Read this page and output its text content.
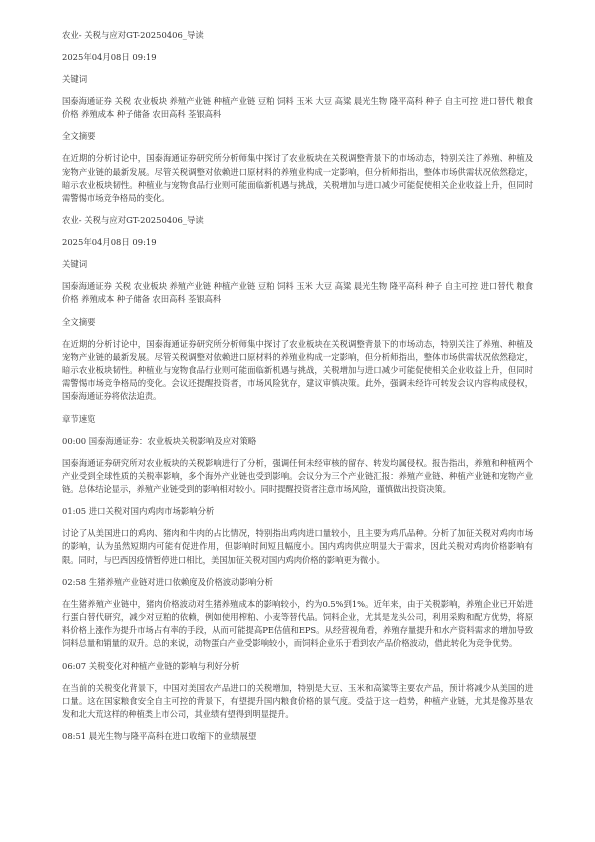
农业- 关税与应对GT-20250406_导读

2025年04月08日 09:19

关键词

国泰海通证券 关税 农业板块 养殖产业链 种植产业链 豆粕 饲料 玉米 大豆 高粱 晨光生物 隆平高科 种子 自主可控 进口替代 粮食价格 养殖成本 种子储备 农田高科 荃银高科

全文摘要

在近期的分析讨论中，国泰海通证券研究所分析师集中探讨了农业板块在关税调整背景下的市场动态，特别关注了养殖、种植及宠物产业链的最新发展。尽管关税调整对依赖进口原材料的养殖业构成一定影响，但分析师指出，整体市场供需状况依然稳定，暗示农业板块韧性。种植业与宠物食品行业则可能面临新机遇与挑战，关税增加与进口减少可能促使相关企业收益上升，但同时需警惕市场竞争格局的变化。

农业- 关税与应对GT-20250406_导读

2025年04月08日 09:19

关键词

国泰海通证券 关税 农业板块 养殖产业链 种植产业链 豆粕 饲料 玉米 大豆 高粱 晨光生物 隆平高科 种子 自主可控 进口替代 粮食价格 养殖成本 种子储备 农田高科 荃银高科

全文摘要

在近期的分析讨论中，国泰海通证券研究所分析师集中探讨了农业板块在关税调整背景下的市场动态，特别关注了养殖、种植及宠物产业链的最新发展。尽管关税调整对依赖进口原材料的养殖业构成一定影响，但分析师指出，整体市场供需状况依然稳定，暗示农业板块韧性。种植业与宠物食品行业则可能面临新机遇与挑战，关税增加与进口减少可能促使相关企业收益上升，但同时需警惕市场竞争格局的变化。会议还提醒投资者，市场风险犹存，建议审慎决策。此外，强调未经许可转发会议内容构成侵权，国泰海通证券将依法追责。

章节速览

00:00 国泰海通证券：农业板块关税影响及应对策略

国泰海通证券研究所对农业板块的关税影响进行了分析，强调任何未经审核的留存、转发均属侵权。报告指出，养殖和种植两个产业受到全球性质的关税率影响，多个海外产业链也受到影响。会议分为三个产业链汇报：养殖产业链、种植产业链和宠物产业链。总体结论显示，养殖产业链受到的影响相对较小。同时提醒投资者注意市场风险，谨慎做出投资决策。

01:05 进口关税对国内鸡肉市场影响分析

讨论了从美国进口的鸡肉、猪肉和牛肉的占比情况，特别指出鸡肉进口量较小，且主要为鸡爪品种。分析了加征关税对鸡肉市场的影响，认为虽然短期内可能有促进作用，但影响时间短且幅度小。国内鸡肉供应明显大于需求，因此关税对鸡肉价格影响有限。同时，与巴西因疫情暂停进口相比，美国加征关税对国内鸡肉价格的影响更为微小。

02:58 生猪养殖产业链对进口依赖度及价格波动影响分析

在生猪养殖产业链中，猪肉价格波动对生猪养殖成本的影响较小，约为0.5%到1%。近年来，由于关税影响，养殖企业已开始进行蛋白替代研究，减少对豆粕的依赖，例如使用榨粕、小麦等替代品。饲料企业，尤其是龙头公司，利用采购和配方优势，将原料价格上涨作为提升市场占有率的手段，从而可能提高PE估值和EPS。从经营视角看，养殖存量提升和水产资料需求的增加导致饲料总量和销量的双升。总的来说，动物蛋白产业受影响较小，而饲料企业乐于看到农产品价格波动，借此转化为竞争优势。

06:07 关税变化对种植产业链的影响与利好分析

在当前的关税变化背景下，中国对美国农产品进口的关税增加，特别是大豆、玉米和高粱等主要农产品，预计将减少从美国的进口量。这在国家粮食安全自主可控的背景下，有望提升国内粮食价格的景气度。受益于这一趋势，种植产业链，尤其是像苏垦农发和北大荒这样的种植类上市公司，其业绩有望得到明显提升。

08:51 晨光生物与隆平高科在进口收缩下的业绩展望
